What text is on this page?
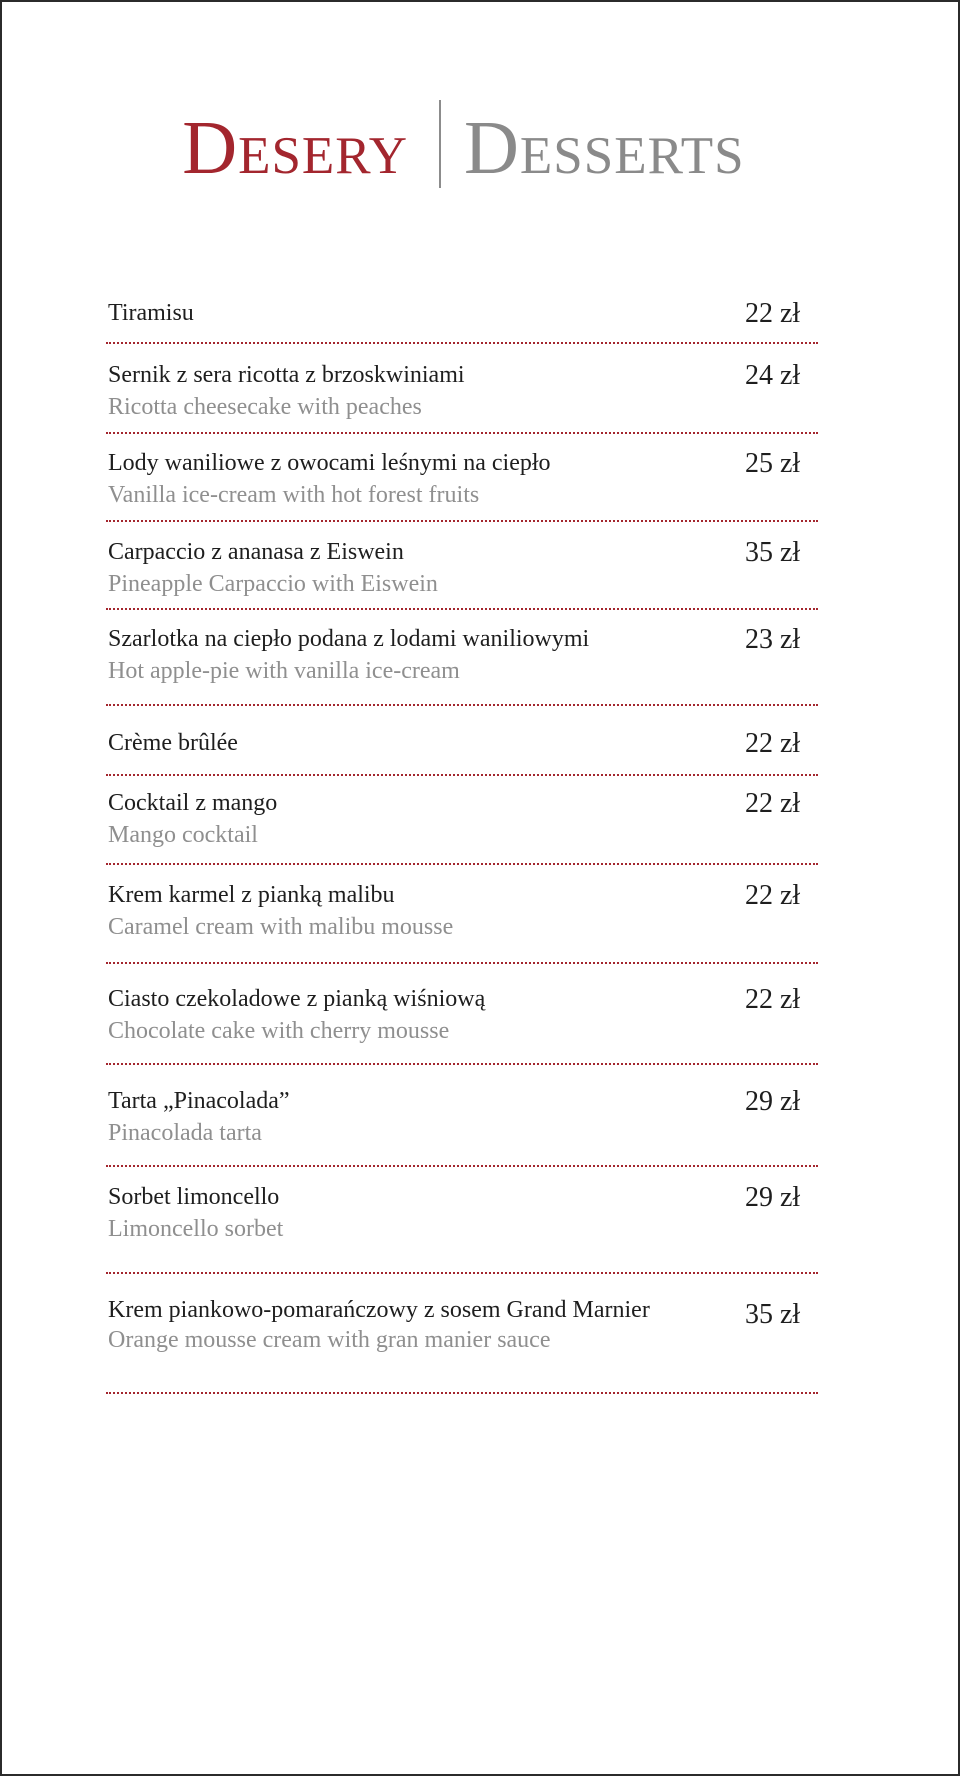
Desery Desserts
Tiramisu	22 zł
Sernik z sera ricotta z brzoskwiniami
Ricotta cheesecake with peaches
24 zł
Lody waniliowe z owocami leśnymi na ciepło
Vanilla ice-cream with hot forest fruits
25 zł
Carpaccio z ananasa z Eiswein
Pineapple Carpaccio with Eiswein
35 zł
Szarlotka na ciepło podana z lodami waniliowymi
Hot apple-pie with vanilla ice-cream
23 zł
Crème brûlée	22 zł
Cocktail z mango
Mango cocktail
22 zł
Krem karmel z pianką malibu
Caramel cream with malibu mousse
22 zł
Ciasto czekoladowe z pianką wiśniową
Chocolate cake with cherry mousse
22 zł
Tarta „Pinacolada”
Pinacolada tarta
29 zł
Sorbet limoncello
Limoncello sorbet
29 zł
Krem piankowo-pomarańczowy z sosem Grand Marnier
Orange mousse cream with gran manier sauce
35 zł
